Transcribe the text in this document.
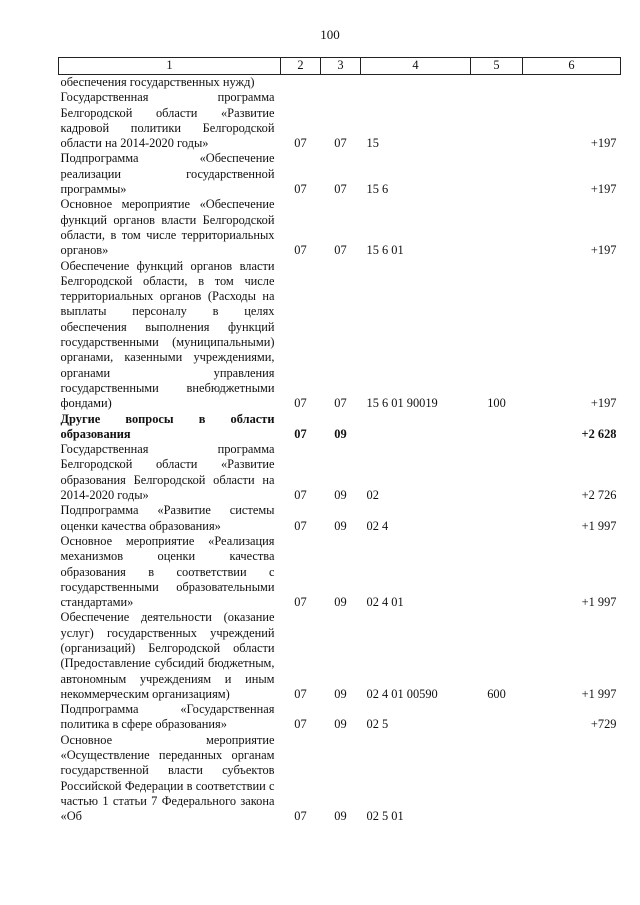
100
1	2	3	4	5	6
обеспечения государственных нужд)					
Государственная программа Белгородской области «Развитие кадровой политики Белгородской области на 2014-2020 годы»	07	07	15		+197
Подпрограмма «Обеспечение реализации государственной программы»	07	07	15 6		+197
Основное мероприятие «Обеспечение функций органов власти Белгородской области, в том числе территориальных органов»	07	07	15 6 01		+197
Обеспечение функций органов власти Белгородской области, в том числе территориальных органов (Расходы на выплаты персоналу в целях обеспечения выполнения функций государственными (муниципальными) органами, казенными учреждениями, органами управления государственными внебюджетными фондами)	07	07	15 6 01 90019	100	+197
Другие вопросы в области образования	07	09			+2 628
Государственная программа Белгородской области «Развитие образования Белгородской области на 2014-2020 годы»	07	09	02		+2 726
Подпрограмма «Развитие системы оценки качества образования»	07	09	02 4		+1 997
Основное мероприятие «Реализация механизмов оценки качества образования в соответствии с государственными образовательными стандартами»	07	09	02 4 01		+1 997
Обеспечение деятельности (оказание услуг) государственных учреждений (организаций) Белгородской области (Предоставление субсидий бюджетным, автономным учреждениям и иным некоммерческим организациям)	07	09	02 4 01 00590	600	+1 997
Подпрограмма «Государственная политика в сфере образования»	07	09	02 5		+729
Основное мероприятие «Осуществление переданных органам государственной власти субъектов Российской Федерации в соответствии с частью 1 статьи 7 Федерального закона «Об	07	09	02 5 01		
